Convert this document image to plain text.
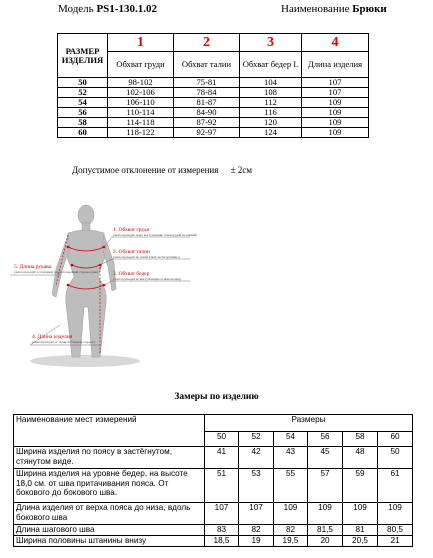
Модель PS1-130.1.02	Наименование Брюки
РАЗМЕР ИЗДЕЛИЯ	1	2	3	4
	Обхват груди	Обхват талии	Обхват бедер I.	Длина изделия
50	98-102	75-81	104	107
52	102-106	78-84	108	107
54	106-110	81-87	112	109
56	110-114	84-90	116	109
58	114-118	87-92	120	109
60	118-122	92-97	124	109
Допустимое отклонение от измерения ± 2см
1. Обхват груди
(лента проходит через выступающие точки грудей по прямой)
2. Обхват талии
(лента проходит по самой узкой части туловища)
3. Обхват бедер
(лента проходит по выступающим точкам ягодиц)
4. Длина изделия
(лента проходит от талии по боковой стороне)
5. Длина рукава
(лента проходит от плечевой точки по внешней стороне руки)
Замеры по изделию
Наименование мест измерений	Размеры					
	50	52	54	56	58	60
Ширина изделия по поясу в застёгнутом, стянутом виде.	41	42	43	45	48	50
Ширина изделия на уровне бедер, на высоте 18,0 см. от шва притачивания пояса. От бокового до бокового шва.	51	53	55	57	59	61
Длина изделия от верха пояса до низа, вдоль бокового шва	107	107	109	109	109	109
Длина шагового шва	83	82	82	81,5	81	80,5
Ширина половины штанины внизу	18,5	19	19,5	20	20,5	21
